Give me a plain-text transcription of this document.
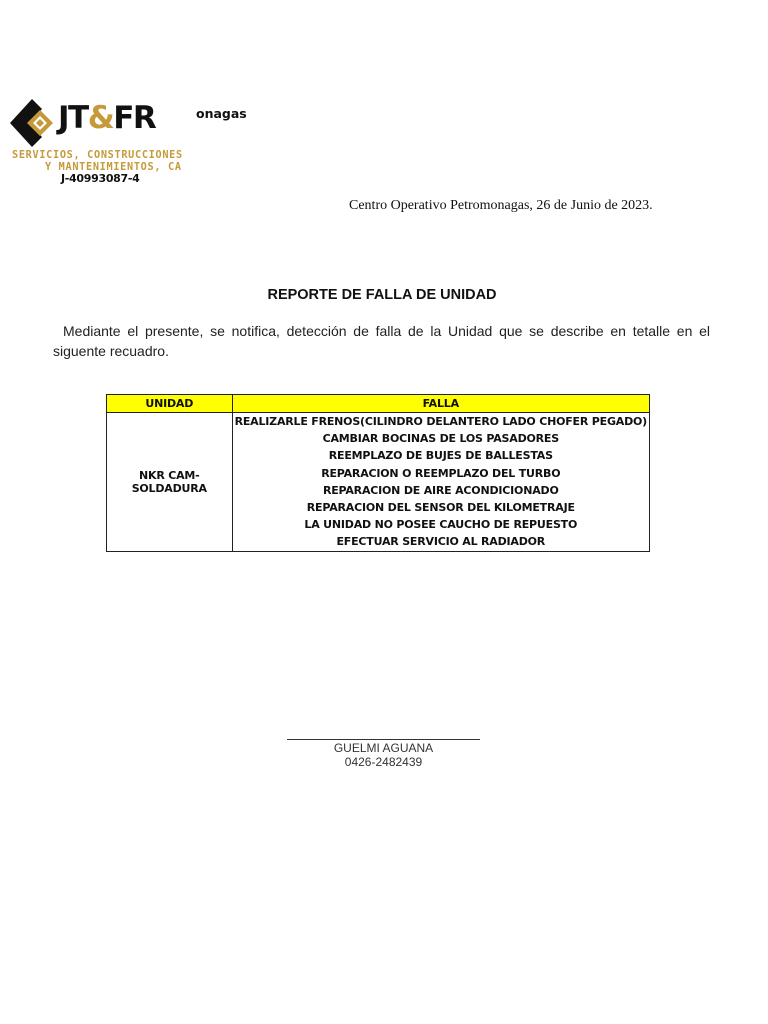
JT&FR
SERVICIOS, CONSTRUCCIONES
Y MANTENIMIENTOS, CA
onagas
J-40993087-4
Centro Operativo Petromonagas, 26 de Junio de 2023.
REPORTE DE FALLA DE UNIDAD
Mediante el presente, se notifica, detección de falla de la Unidad que se describe en tetalle en el siguente recuadro.
UNIDAD	FALLA
NKR CAM-SOLDADURA	REALIZARLE FRENOS(CILINDRO DELANTERO LADO CHOFER PEGADO)
	CAMBIAR BOCINAS DE LOS PASADORES
	REEMPLAZO DE BUJES DE BALLESTAS
	REPARACION O REEMPLAZO DEL TURBO
	REPARACION DE AIRE ACONDICIONADO
	REPARACION DEL SENSOR DEL KILOMETRAJE
	LA UNIDAD NO POSEE CAUCHO DE REPUESTO
	EFECTUAR SERVICIO AL RADIADOR
GUELMI AGUANA
0426-2482439
